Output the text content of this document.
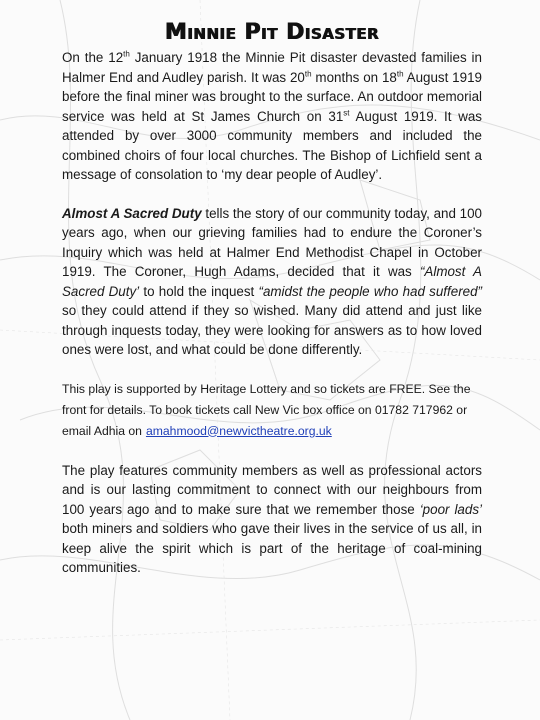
Minnie Pit Disaster

On the 12th January 1918 the Minnie Pit disaster devasted families in Halmer End and Audley parish. It was 20th months on 18th August 1919 before the final miner was brought to the surface. An outdoor memorial service was held at St James Church on 31st August 1919. It was attended by over 3000 community members and included the combined choirs of four local churches. The Bishop of Lichfield sent a message of consolation to ‘my dear people of Audley’.

Almost A Sacred Duty tells the story of our community today, and 100 years ago, when our grieving families had to endure the Coroner’s Inquiry which was held at Halmer End Methodist Chapel in October 1919. The Coroner, Hugh Adams, decided that it was “Almost A Sacred Duty’ to hold the inquest “amidst the people who had suffered” so they could attend if they so wished. Many did attend and just like through inquests today, they were looking for answers as to how loved ones were lost, and what could be done differently.

This play is supported by Heritage Lottery and so tickets are FREE. See the front for details. To book tickets call New Vic box office on 01782 717962 or email Adhia on amahmood@newvictheatre.org.uk

The play features community members as well as professional actors and is our lasting commitment to connect with our neighbours from 100 years ago and to make sure that we remember those ‘poor lads’ both miners and soldiers who gave their lives in the service of us all, in keep alive the spirit which is part of the heritage of coal-mining communities.
